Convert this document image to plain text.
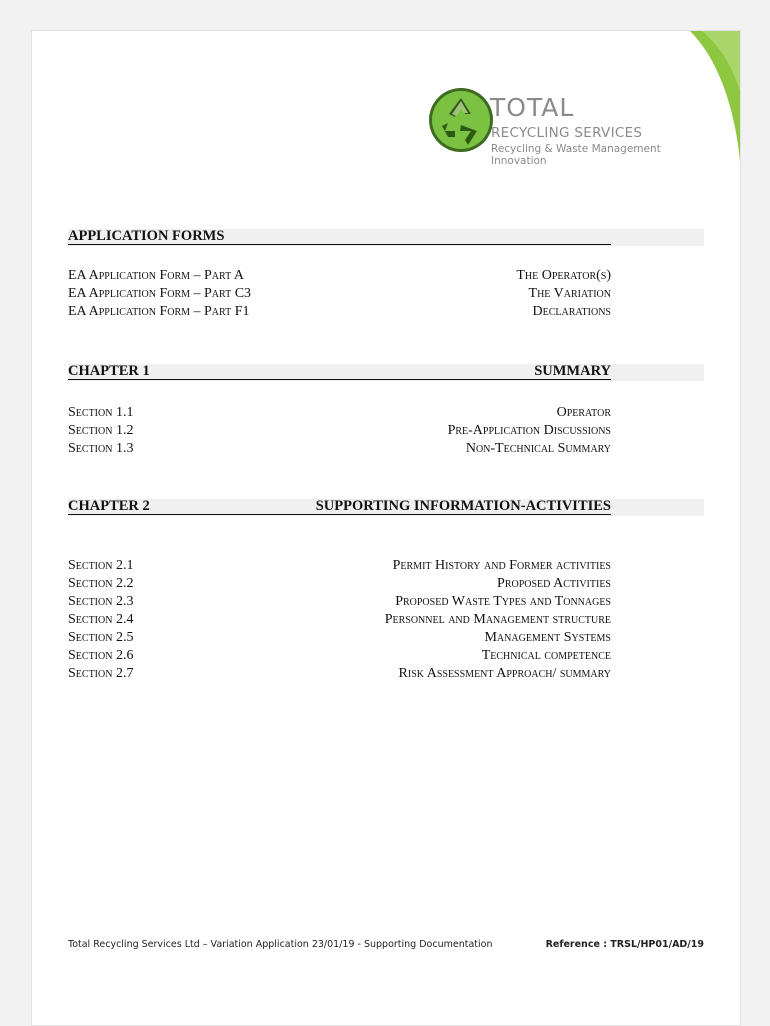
TOTAL
RECYCLING SERVICES
Recycling & Waste Management Innovation
APPLICATION FORMS
EA Application Form – Part A	The Operator(s)
EA Application Form – Part C3	The Variation
EA Application Form – Part F1	Declarations
CHAPTER 1	SUMMARY
Section 1.1	Operator
Section 1.2	Pre-Application Discussions
Section 1.3	Non-Technical Summary
CHAPTER 2	SUPPORTING INFORMATION-ACTIVITIES
Section 2.1	Permit History and Former activities
Section 2.2	Proposed Activities
Section 2.3	Proposed Waste Types and Tonnages
Section 2.4	Personnel and Management structure
Section 2.5	Management Systems
Section 2.6	Technical competence
Section 2.7	Risk Assessment Approach/ summary
Total Recycling Services Ltd – Variation Application 23/01/19 - Supporting Documentation	Reference : TRSL/HP01/AD/19
